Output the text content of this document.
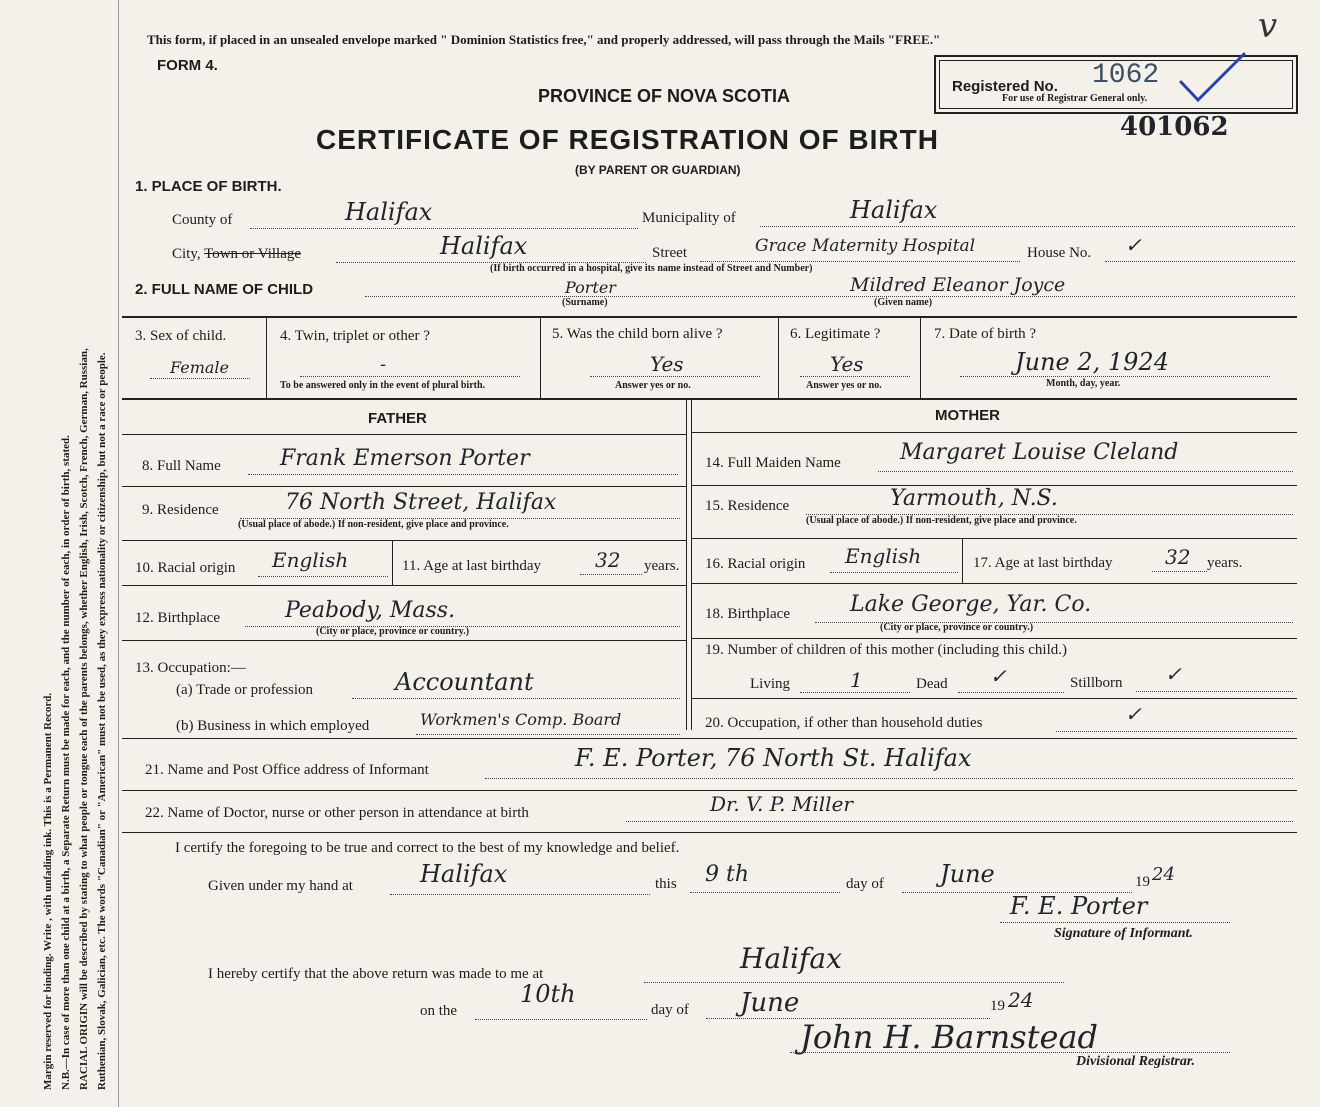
Margin reserved for binding. Write , with unfading ink. This is a Permanent Record. N.B.—In case of more than one child at a birth, a Separate Return must be made for each, and the number of each, in order of birth, stated. RACIAL ORIGIN will be described by stating to what people or tongue each of the parents belongs, whether English, Irish, Scotch, French, German, Russian, Ruthenian, Slovak, Galician, etc. The words "Canadian" or "American" must not be used, as they express nationality or citizenship, but not a race or people.
This form, if placed in an unsealed envelope marked " Dominion Statistics free," and properly addressed, will pass through the Mails "FREE."
FORM 4.
PROVINCE OF NOVA SCOTIA
CERTIFICATE OF REGISTRATION OF BIRTH
(BY PARENT OR GUARDIAN)
v
Registered No. 1062
For use of Registrar General only.
401062
1. PLACE OF BIRTH.
County of	Halifax	Municipality of	Halifax
City, Town or Village	Halifax	Street	Grace Maternity Hospital	House No. ✓
(If birth occurred in a hospital, give its name instead of Street and Number)
2. FULL NAME OF CHILD	Porter
(Surname)
Mildred Eleanor Joyce
(Given name)
3. Sex of child.
Female
4. Twin, triplet or other ?
-
To be answered only in the event of plural birth.
5. Was the child born alive ?
Yes
Answer yes or no.
6. Legitimate ?
Yes
Answer yes or no.
7. Date of birth ?
June 2, 1924
Month, day, year.
FATHER	MOTHER
8. Full Name	Frank Emerson Porter
9. Residence	76 North Street, Halifax
(Usual place of abode.) If non-resident, give place and province.
10. Racial origin English	11. Age at last birthday	32 years.
12. Birthplace	Peabody, Mass.
(City or place, province or country.)
13. Occupation:—
(a) Trade or profession	Accountant
(b) Business in which employed	Workmen's Comp. Board
14. Full Maiden Name	Margaret Louise Cleland
15. Residence	Yarmouth, N.S.
(Usual place of abode.) If non-resident, give place and province.
16. Racial origin English	17. Age at last birthday	32 years.
18. Birthplace	Lake George, Yar. Co.
(City or place, province or country.)
19. Number of children of this mother (including this child.)
Living	1	Dead ✓	Stillborn ✓
20. Occupation, if other than household duties	✓
21. Name and Post Office address of Informant	F. E. Porter, 76 North St. Halifax
22. Name of Doctor, nurse or other person in attendance at birth	Dr. V. P. Miller
I certify the foregoing to be true and correct to the best of my knowledge and belief.
Given under my hand at	Halifax	this 9 th	day of June	19 24
F. E. Porter
Signature of Informant.
I hereby certify that the above return was made to me at	Halifax
on the
10th
day of June	19 24
John H. Barnstead
Divisional Registrar.
